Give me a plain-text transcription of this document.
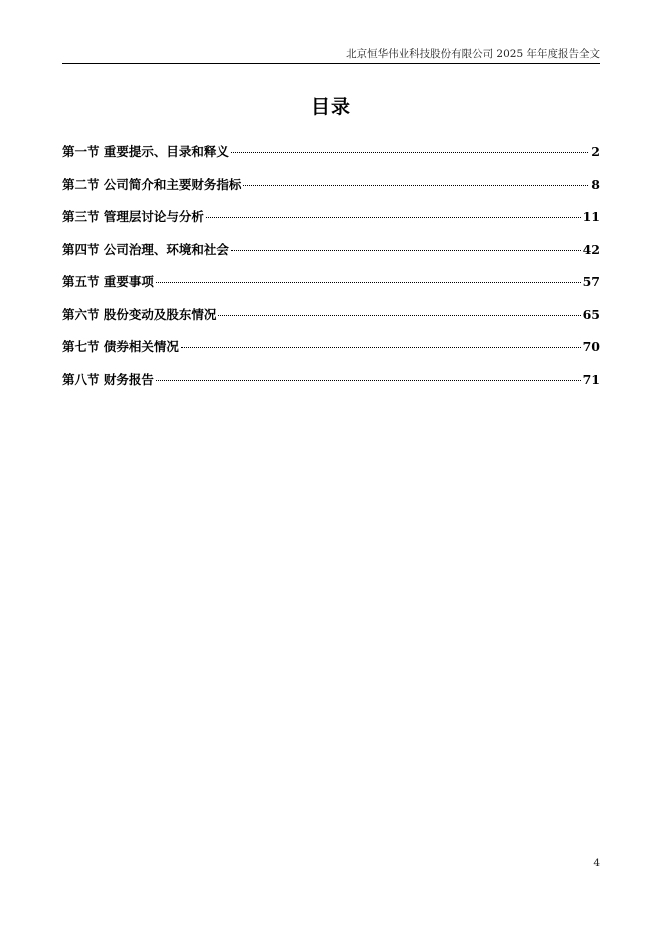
北京恒华伟业科技股份有限公司 2025 年年度报告全文
目录
第一节 重要提示、目录和释义	2
第二节 公司简介和主要财务指标	8
第三节 管理层讨论与分析	11
第四节 公司治理、环境和社会	42
第五节 重要事项	57
第六节 股份变动及股东情况	65
第七节 债券相关情况	70
第八节 财务报告	71
4
